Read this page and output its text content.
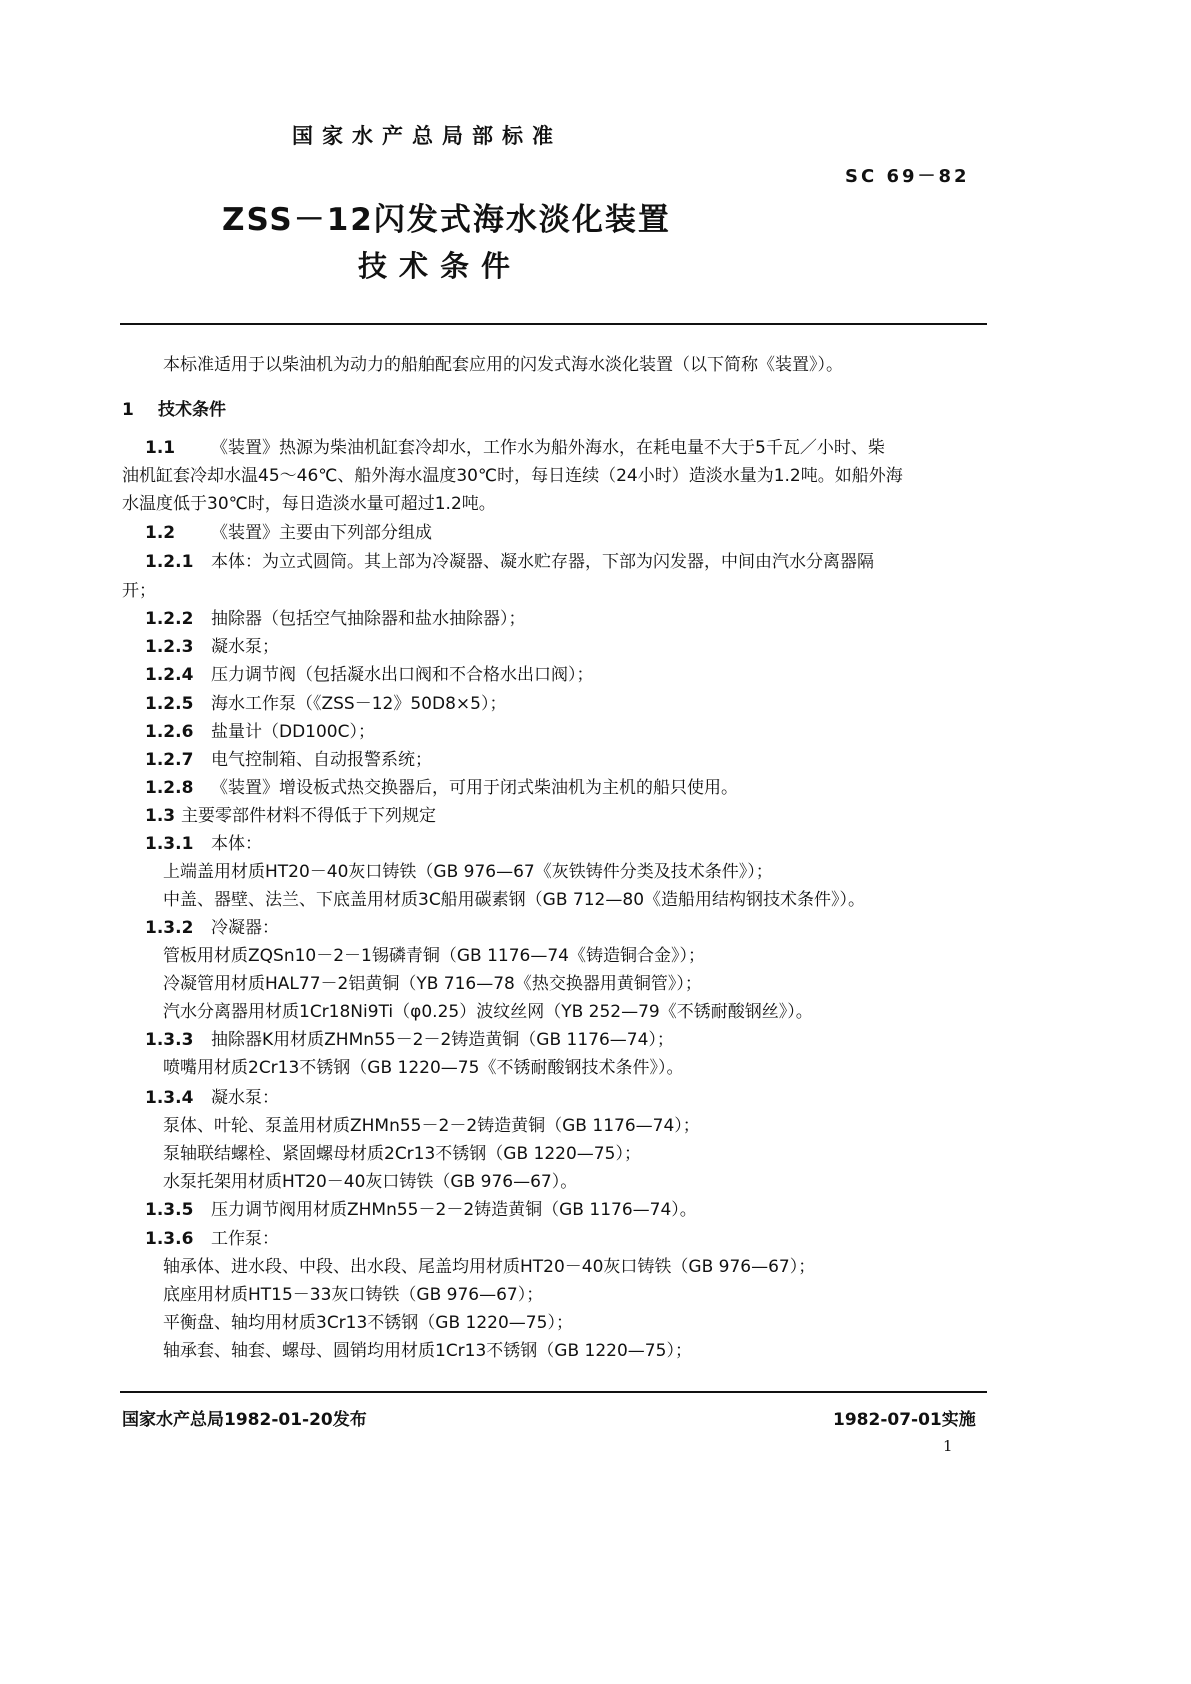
国家水产总局部标准
SC 69－82
ZSS－12闪发式海水淡化装置
技术条件
本标准适用于以柴油机为动力的船舶配套应用的闪发式海水淡化装置（以下简称《装置》）。
1 技术条件
1.1 《装置》热源为柴油机缸套冷却水，工作水为船外海水，在耗电量不大于5千瓦／小时、柴
油机缸套冷却水温45～46℃、船外海水温度30℃时，每日连续（24小时）造淡水量为1.2吨。如船外海
水温度低于30℃时，每日造淡水量可超过1.2吨。
1.2 《装置》主要由下列部分组成
1.2.1 本体：为立式圆筒。其上部为冷凝器、凝水贮存器，下部为闪发器，中间由汽水分离器隔
开；
1.2.2 抽除器（包括空气抽除器和盐水抽除器）；
1.2.3 凝水泵；
1.2.4 压力调节阀（包括凝水出口阀和不合格水出口阀）；
1.2.5 海水工作泵（《ZSS－12》50D8×5）；
1.2.6 盐量计（DD100C）；
1.2.7 电气控制箱、自动报警系统；
1.2.8 《装置》增设板式热交换器后，可用于闭式柴油机为主机的船只使用。
1.3 主要零部件材料不得低于下列规定
1.3.1 本体：
上端盖用材质HT20－40灰口铸铁（GB 976—67《灰铁铸件分类及技术条件》）；
中盖、器壁、法兰、下底盖用材质3C船用碳素钢（GB 712—80《造船用结构钢技术条件》）。
1.3.2 冷凝器：
管板用材质ZQSn10－2－1锡磷青铜（GB 1176—74《铸造铜合金》）；
冷凝管用材质HAL77－2铝黄铜（YB 716—78《热交换器用黄铜管》）；
汽水分离器用材质1Cr18Ni9Ti（φ0.25）波纹丝网（YB 252—79《不锈耐酸钢丝》）。
1.3.3 抽除器K用材质ZHMn55－2－2铸造黄铜（GB 1176—74）；
喷嘴用材质2Cr13不锈钢（GB 1220—75《不锈耐酸钢技术条件》）。
1.3.4 凝水泵：
泵体、叶轮、泵盖用材质ZHMn55－2－2铸造黄铜（GB 1176—74）；
泵轴联结螺栓、紧固螺母材质2Cr13不锈钢（GB 1220—75）；
水泵托架用材质HT20－40灰口铸铁（GB 976—67）。
1.3.5 压力调节阀用材质ZHMn55－2－2铸造黄铜（GB 1176—74）。
1.3.6 工作泵：
轴承体、进水段、中段、出水段、尾盖均用材质HT20－40灰口铸铁（GB 976—67）；
底座用材质HT15－33灰口铸铁（GB 976—67）；
平衡盘、轴均用材质3Cr13不锈钢（GB 1220—75）；
轴承套、轴套、螺母、圆销均用材质1Cr13不锈钢（GB 1220—75）；
国家水产总局1982-01-20发布	1982-07-01实施
1
